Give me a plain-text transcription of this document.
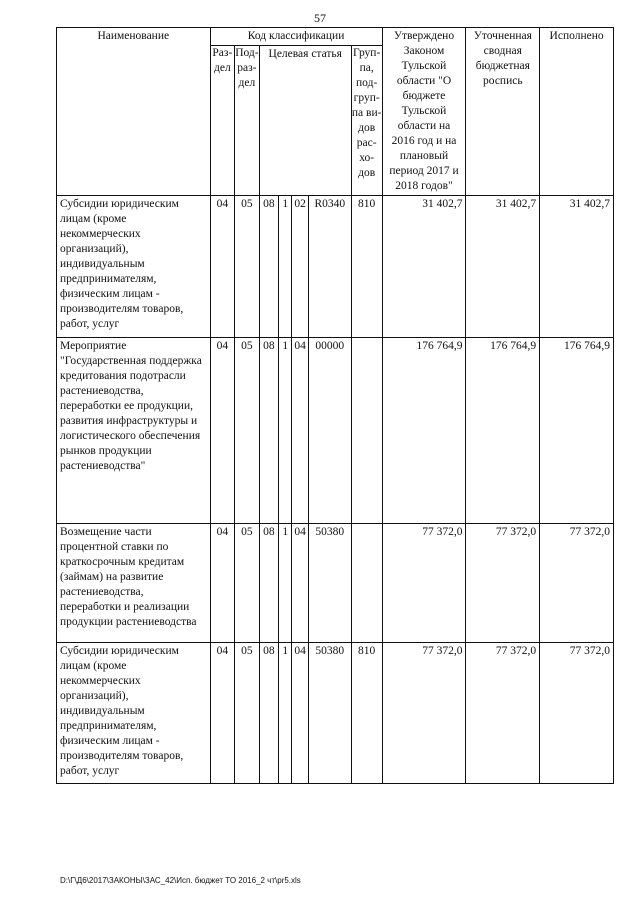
57
Наименование	Код классификации							Утверждено Законом Тульской области "О бюджете Тульской области на 2016 год и на плановый период 2017 и 2018 годов"	Уточненная сводная бюджетная роспись	Исполнено
	Раз- дел	Под- раз- дел	Целевая статья				Груп- па, под- груп- па ви- дов рас- хо- дов			
Субсидии юридическим лицам (кроме некоммерческих организаций), индивидуальным предпринимателям, физическим лицам - производителям товаров, работ, услуг	04	05	08	1	02	R0340	810	31 402,7	31 402,7	31 402,7
Мероприятие "Государственная поддержка кредитования подотрасли растениеводства, переработки ее продукции, развития инфраструктуры и логистического обеспечения рынков продукции растениеводства"	04	05	08	1	04	00000		176 764,9	176 764,9	176 764,9
Возмещение части процентной ставки по краткосрочным кредитам (займам) на развитие растениеводства, переработки и реализации продукции растениеводства	04	05	08	1	04	50380		77 372,0	77 372,0	77 372,0
Субсидии юридическим лицам (кроме некоммерческих организаций), индивидуальным предпринимателям, физическим лицам - производителям товаров, работ, услуг	04	05	08	1	04	50380	810	77 372,0	77 372,0	77 372,0
D:\Г\Д6\2017\ЗАКОНЫ\ЗАС_42\Исп. бюджет ТО 2016_2 чт\pr5.xls
